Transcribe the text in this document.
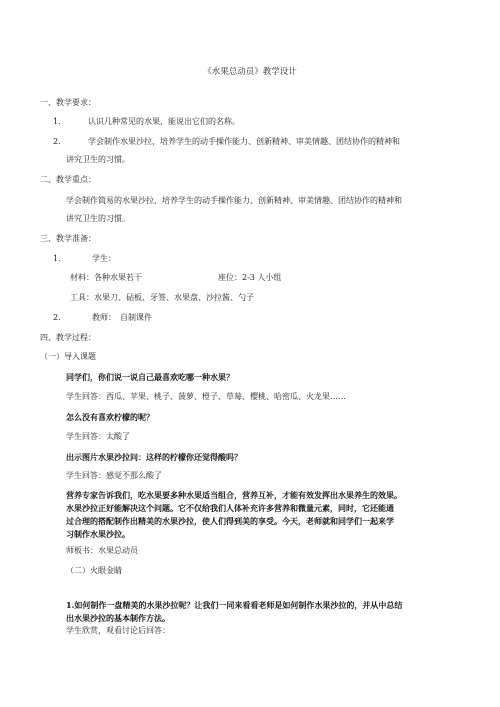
《水果总动员》教学设计
一、教学要求：
1．	认识几种常见的水果，能说出它们的名称。
2．	学会制作水果沙拉，培养学生的动手操作能力、创新精神、审美情趣、团结协作的精神和
讲究卫生的习惯。
二、教学重点：
学会制作简易的水果沙拉，培养学生的动手操作能力、创新精神、审美情趣、团结协作的精神和
讲究卫生的习惯。
三、教学准备：
1．	学生：
材料：各种水果若干	座位：2-3 人小组
工具：水果刀、砧板、牙签、水果盘、沙拉酱、勺子
2．	教师：　自制课件
四、教学过程：
（一）导入课题
同学们，你们说一说自己最喜欢吃哪一种水果？
学生回答：西瓜、苹果、桃子、菠萝、橙子、草莓、樱桃、哈密瓜、火龙果……
怎么没有喜欢柠檬的呢？
学生回答：太酸了
出示图片水果沙拉问：这样的柠檬你还觉得酸吗？
学生回答：感觉不那么酸了
营养专家告诉我们，吃水果要多种水果适当组合，营养互补，才能有效发挥出水果养生的效果。
水果沙拉正好能解决这个问题。它不仅给我们人体补充许多营养和微量元素，同时，它还能通
过合理的搭配制作出精美的水果沙拉，使人们得到美的享受。今天，老师就和同学们一起来学
习制作水果沙拉。
师板书：水果总动员
（二）火眼金睛
1.如何制作一盘精美的水果沙拉呢？让我们一同来看看老师是如何制作水果沙拉的，并从中总结
出水果沙拉的基本制作方法。
学生欣赏，观看讨论后回答：
